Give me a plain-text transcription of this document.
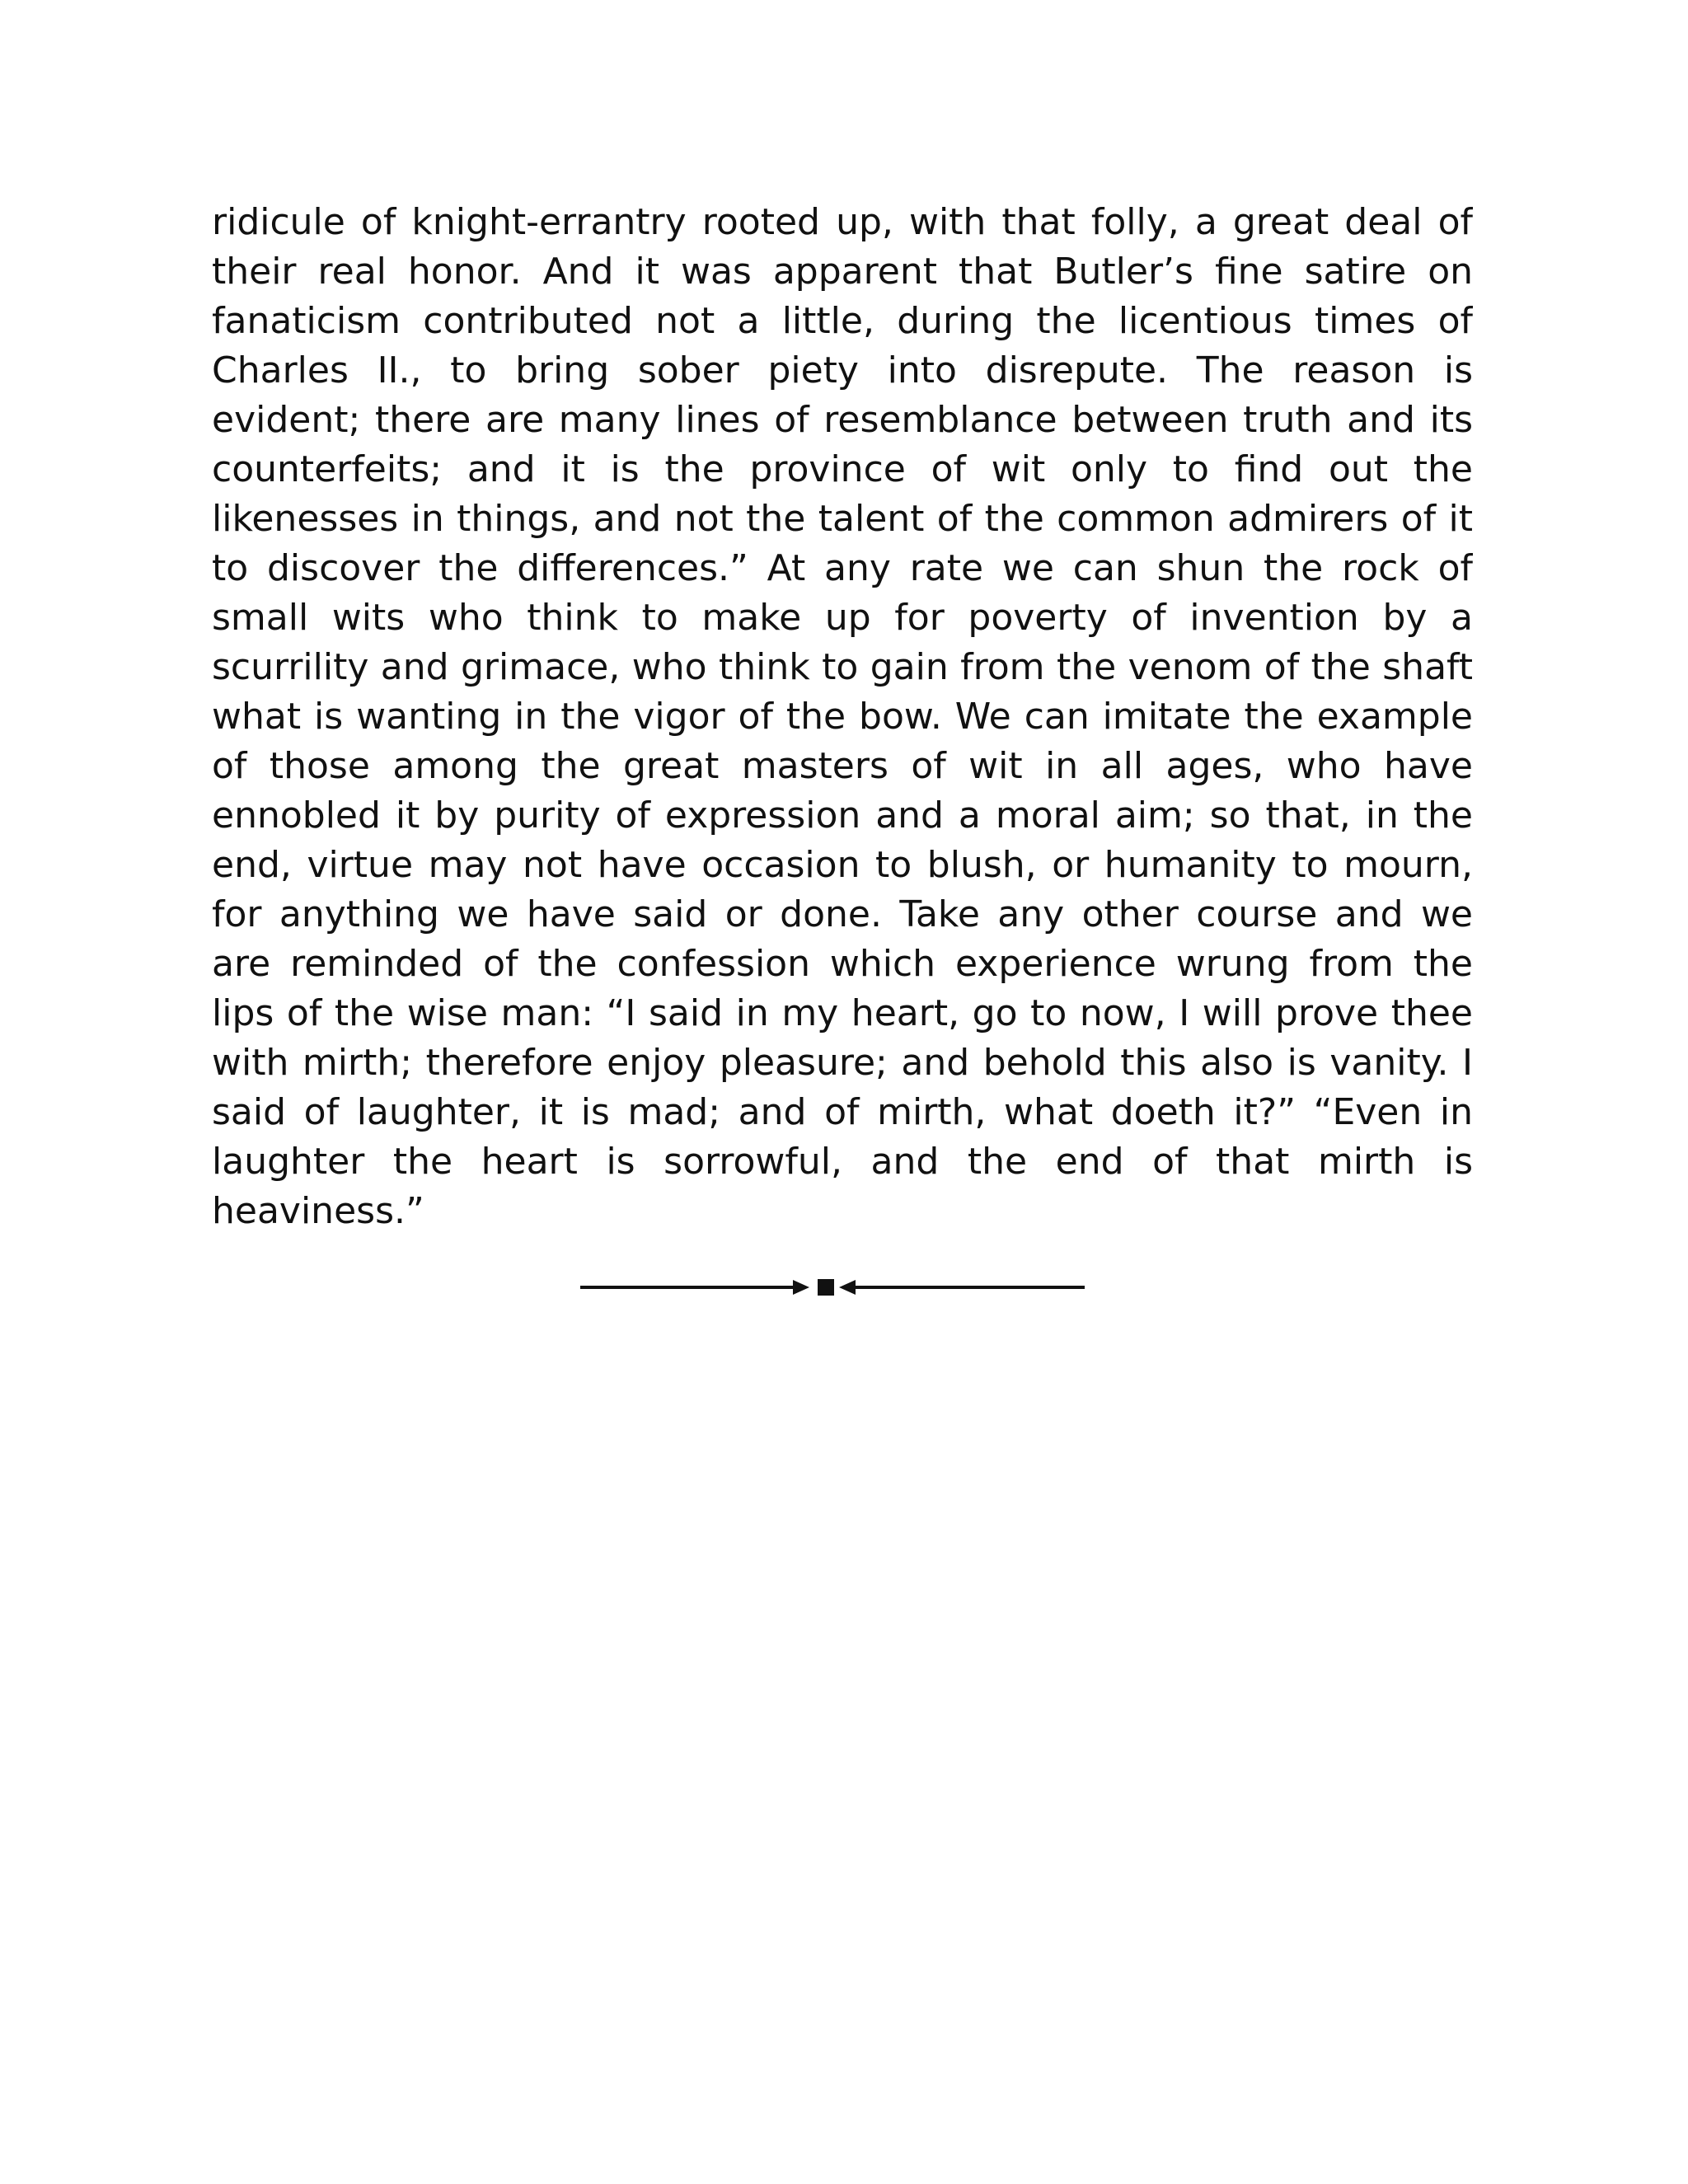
ridicule of knight-errantry rooted up, with that folly, a great deal of
their real honor. And it was apparent that Butler’s fine satire on
fanaticism contributed not a little, during the licentious times of
Charles II., to bring sober piety into disrepute. The reason is
evident; there are many lines of resemblance between truth and its
counterfeits; and it is the province of wit only to find out the
likenesses in things, and not the talent of the common admirers of it
to discover the differences.” At any rate we can shun the rock of
small wits who think to make up for poverty of invention by a
scurrility and grimace, who think to gain from the venom of the shaft
what is wanting in the vigor of the bow. We can imitate the example
of those among the great masters of wit in all ages, who have
ennobled it by purity of expression and a moral aim; so that, in the
end, virtue may not have occasion to blush, or humanity to mourn,
for anything we have said or done. Take any other course and we
are reminded of the confession which experience wrung from the
lips of the wise man: “I said in my heart, go to now, I will prove thee
with mirth; therefore enjoy pleasure; and behold this also is vanity. I
said of laughter, it is mad; and of mirth, what doeth it?” “Even in
laughter the heart is sorrowful, and the end of that mirth is
heaviness.”
